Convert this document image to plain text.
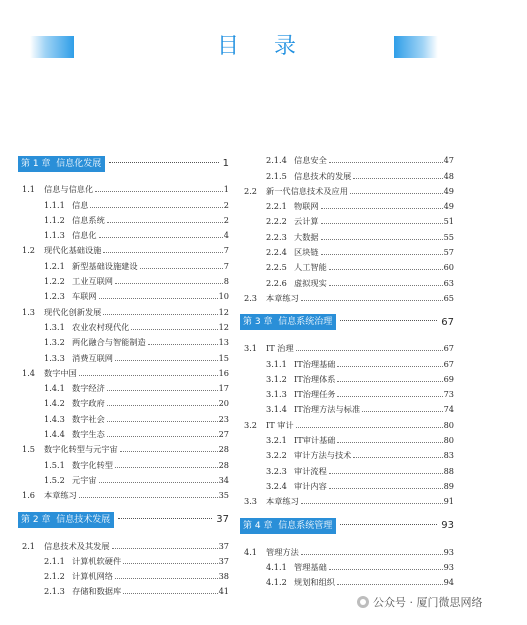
目 录
第 1 章 信息化发展	1
1.1	信息与信息化	1
1.1.1 信息	2
1.1.2 信息系统	2
1.1.3 信息化	4
1.2	现代化基础设施	7
1.2.1 新型基础设施建设	7
1.2.2 工业互联网	8
1.2.3 车联网	10
1.3	现代化创新发展	12
1.3.1 农业农村现代化	12
1.3.2 两化融合与智能制造	13
1.3.3 消费互联网	15
1.4	数字中国	16
1.4.1 数字经济	17
1.4.2 数字政府	20
1.4.3 数字社会	23
1.4.4 数字生态	27
1.5	数字化转型与元宇宙	28
1.5.1 数字化转型	28
1.5.2 元宇宙	34
1.6	本章练习	35
第 2 章 信息技术发展	37
2.1	信息技术及其发展	37
2.1.1 计算机软硬件	37
2.1.2 计算机网络	38
2.1.3 存储和数据库	41
2.1.4 信息安全	47
2.1.5 信息技术的发展	48
2.2	新一代信息技术及应用	49
2.2.1 物联网	49
2.2.2 云计算	51
2.2.3 大数据	55
2.2.4 区块链	57
2.2.5 人工智能	60
2.2.6 虚拟现实	63
2.3	本章练习	65
第 3 章 信息系统治理	67
3.1	IT 治理	67
3.1.1 IT治理基础	67
3.1.2 IT治理体系	69
3.1.3 IT治理任务	73
3.1.4 IT治理方法与标准	74
3.2	IT 审计	80
3.2.1 IT审计基础	80
3.2.2 审计方法与技术	83
3.2.3 审计流程	88
3.2.4 审计内容	89
3.3	本章练习	91
第 4 章 信息系统管理	93
4.1	管理方法	93
4.1.1 管理基础	93
4.1.2 规划和组织	94
公众号 · 厦门微思网络
